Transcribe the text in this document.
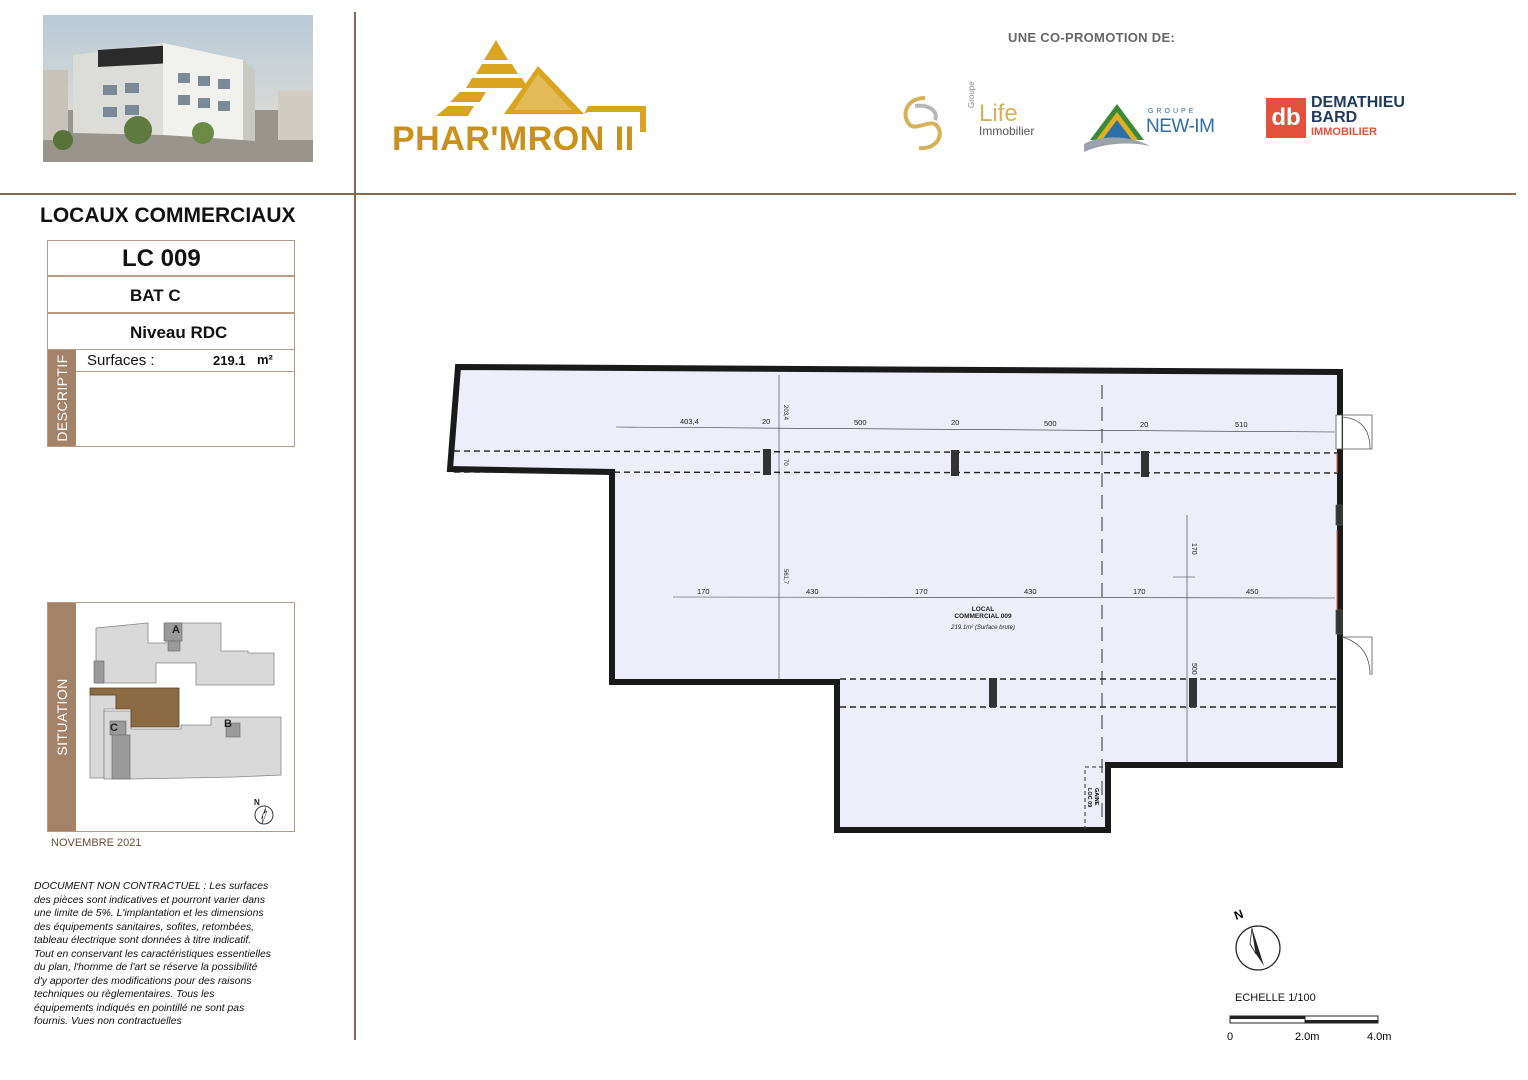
PHAR'MRON II
UNE CO-PROMOTION DE:
Groupe
Life
Immobilier
GROUPE
NEW-IM db
DEMATHIEU
BARD
IMMOBILIER
LOCAUX COMMERCIAUX
LC 009
BAT C
Niveau RDC
DESCRIPTIF Surfaces :	219.1 m²
SITUATION
A
B
C
N
NOVEMBRE 2021
DOCUMENT NON CONTRACTUEL : Les surfaces
des pièces sont indicatives et pourront varier dans
une limite de 5%. L'implantation et les dimensions
des équipements sanitaires, sofites, retombées,
tableau électrique sont données à titre indicatif.
Tout en conservant les caractéristiques essentielles
du plan, l'homme de l'art se réserve la possibilité
d'y apporter des modifications pour des raisons
techniques ou règlementaires. Tous les
équipements indiqués en pointillé ne sont pas
fournis. Vues non contractuelles
GAINE
LOC 09
403,4	20	500	20	500	20	510
170	430	170	430	170	450
203,4
70
561,7
170
500
LOCAL
COMMERCIAL 009
219.1m² (Surface brute)
N
ECHELLE 1/100
0	2.0m	4.0m
